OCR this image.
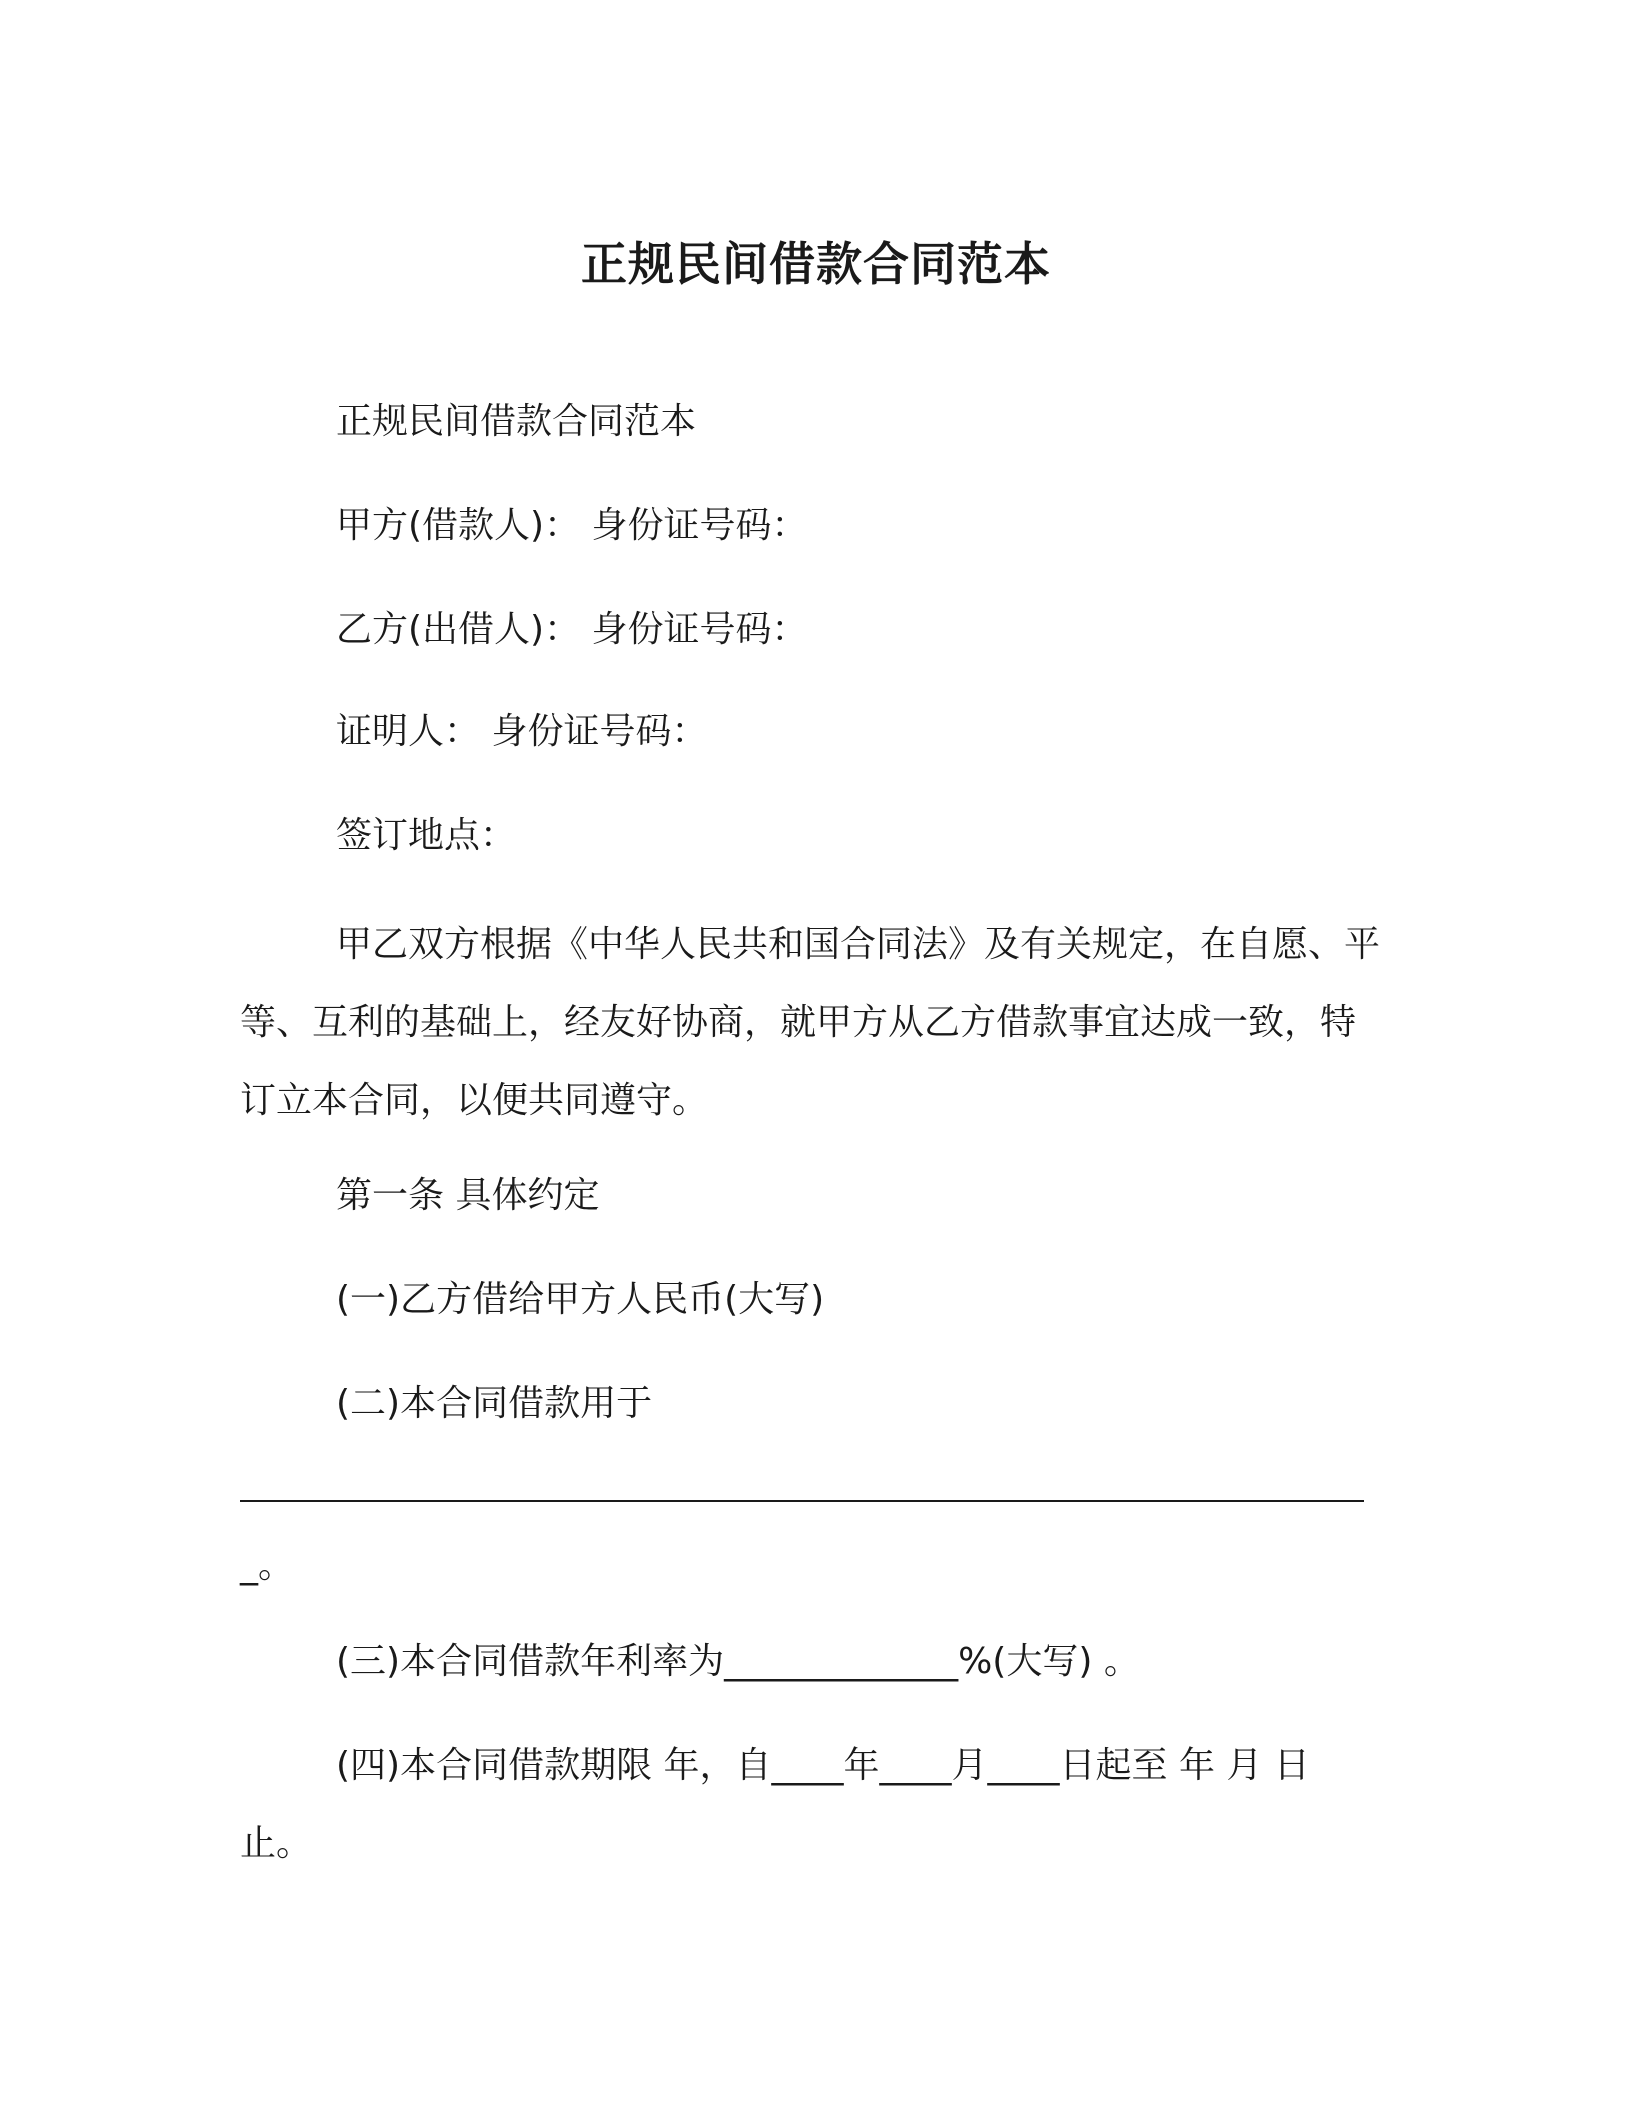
正规民间借款合同范本
正规民间借款合同范本
甲方(借款人)： 身份证号码：
乙方(出借人)： 身份证号码：
证明人： 身份证号码：
签订地点：
甲乙双方根据《中华人民共和国合同法》及有关规定，在自愿、平等、互利的基础上，经友好协商，就甲方从乙方借款事宜达成一致，特订立本合同，以便共同遵守。
第一条 具体约定
(一)乙方借给甲方人民币(大写)
(二)本合同借款用于
_。
(三)本合同借款年利率为_____________%(大写) 。
(四)本合同借款期限 年，自____年____月____日起至 年 月 日
止。
